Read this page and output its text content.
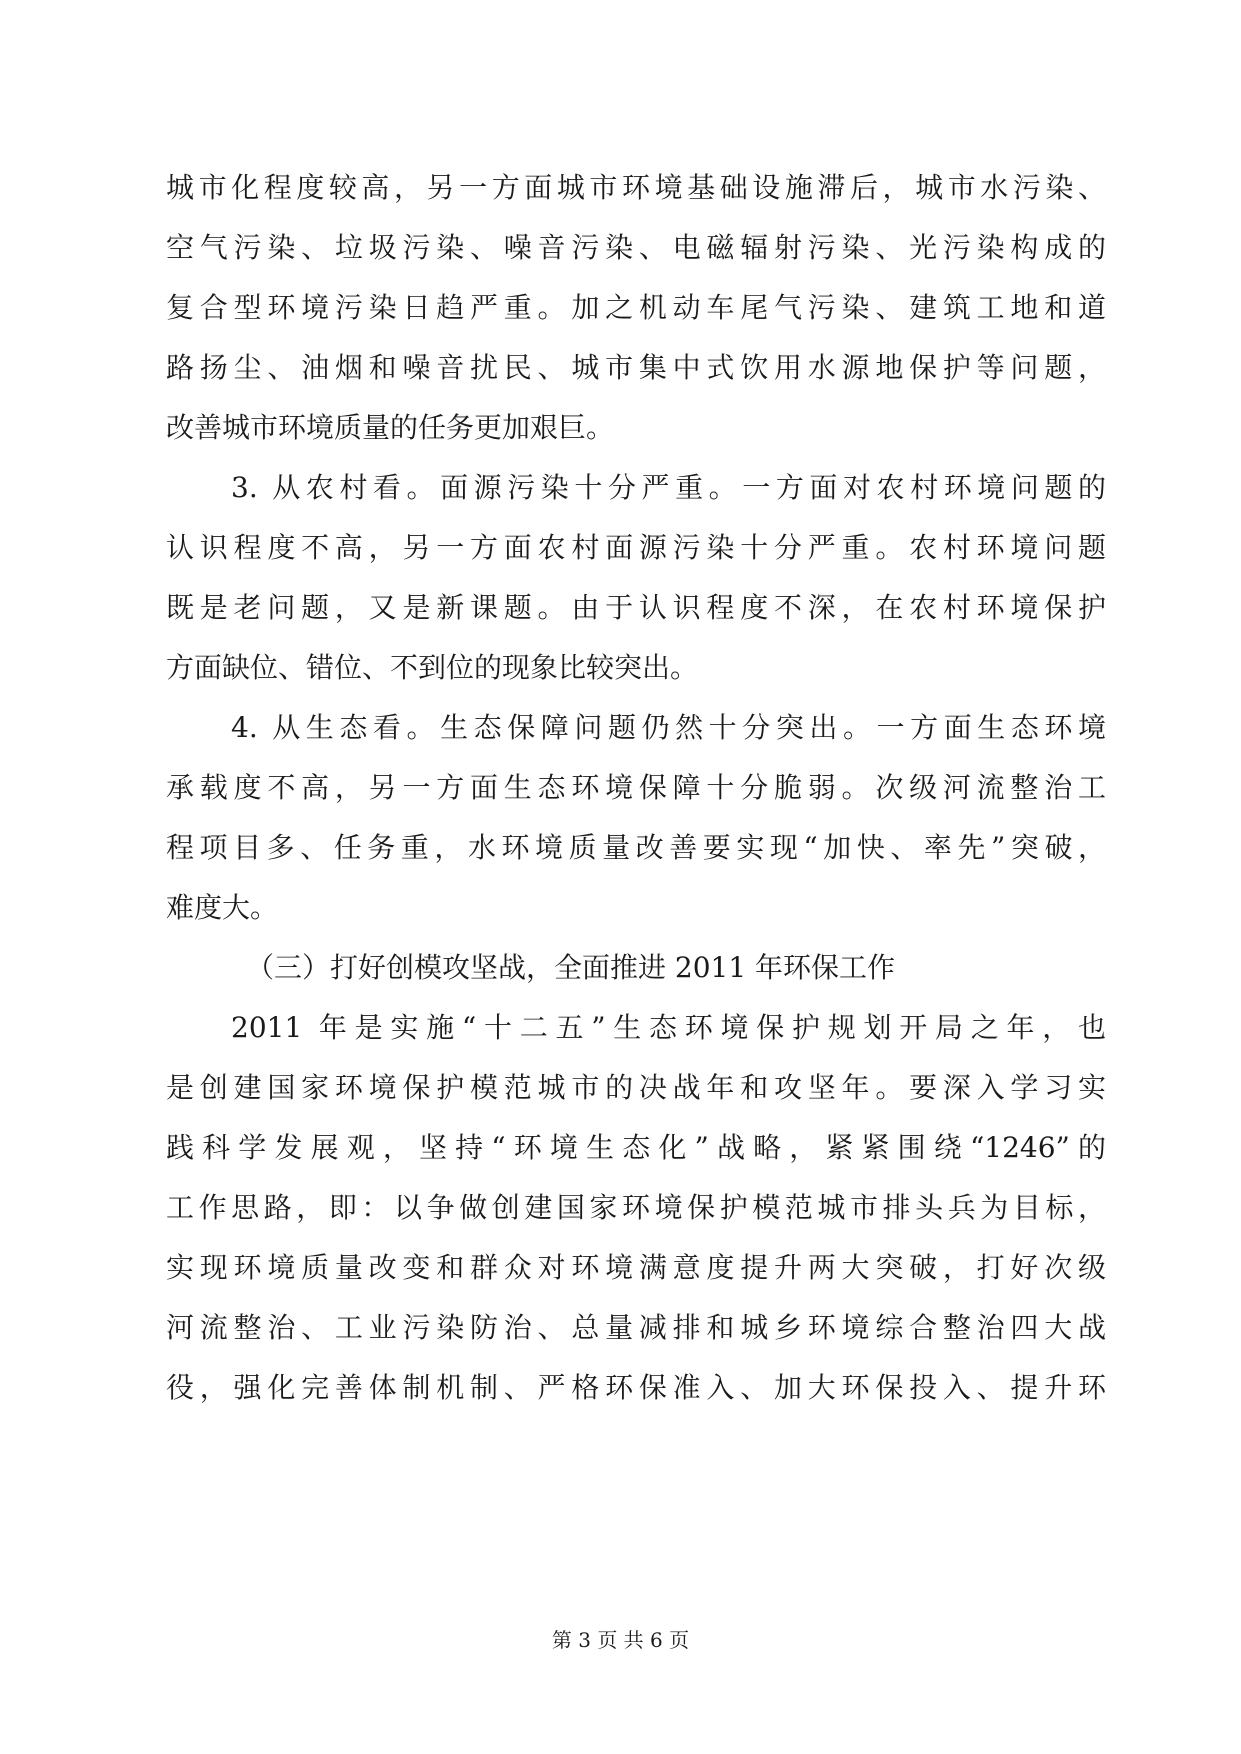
城市化程度较高，另一方面城市环境基础设施滞后，城市水污染、
空气污染、垃圾污染、噪音污染、电磁辐射污染、光污染构成的
复合型环境污染日趋严重。加之机动车尾气污染、建筑工地和道
路扬尘、油烟和噪音扰民、城市集中式饮用水源地保护等问题，
改善城市环境质量的任务更加艰巨。
3. 从农村看。面源污染十分严重。一方面对农村环境问题的
认识程度不高，另一方面农村面源污染十分严重。农村环境问题
既是老问题，又是新课题。由于认识程度不深，在农村环境保护
方面缺位、错位、不到位的现象比较突出。
4. 从生态看。生态保障问题仍然十分突出。一方面生态环境
承载度不高，另一方面生态环境保障十分脆弱。次级河流整治工
程项目多、任务重，水环境质量改善要实现“加快、率先”突破，
难度大。
（三）打好创模攻坚战，全面推进 2011 年环保工作
2011 年是实施“十二五”生态环境保护规划开局之年，也
是创建国家环境保护模范城市的决战年和攻坚年。要深入学习实
践科学发展观，坚持“环境生态化”战略，紧紧围绕“1246”的
工作思路，即：以争做创建国家环境保护模范城市排头兵为目标，
实现环境质量改变和群众对环境满意度提升两大突破，打好次级
河流整治、工业污染防治、总量减排和城乡环境综合整治四大战
役，强化完善体制机制、严格环保准入、加大环保投入、提升环
第 3 页 共 6 页
